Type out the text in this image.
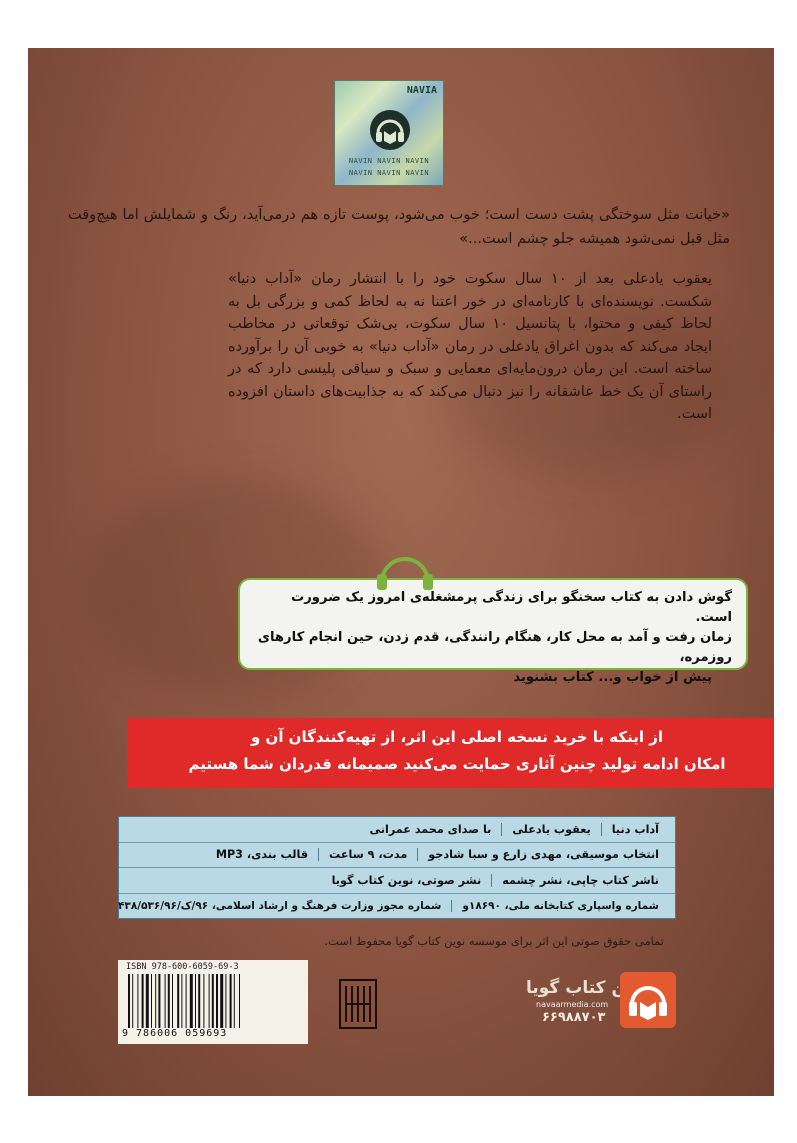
NAVIA
NAVIN NAVIN NAVIN
NAVIN NAVIN NAVIN

«خیانت مثل سوختگی پشت دست است؛ خوب می‌شود، پوست تازه هم درمی‌آید، رنگ و شمایلش اما هیچ‌وقت مثل قبل نمی‌شود همیشه جلو چشم است...»

یعقوب یادعلی بعد از ۱۰ سال سکوت خود را با انتشار رمان «آداب دنیا» شکست. نویسنده‌ای با کارنامه‌ای در خور اعتنا نه به لحاظ کمی و بزرگی بل به لحاظ کیفی و محتوا، با پتانسیل ۱۰ سال سکوت، بی‌شک توقعاتی در مخاطب ایجاد می‌کند که بدون اغراق یادعلی در رمان «آداب دنیا» به خوبی آن را برآورده ساخته است. این رمان درون‌مایه‌ای معمایی و سبک و سیاقی پلیسی دارد که در راستای آن یک خط عاشقانه را نیز دنبال می‌کند که به جذابیت‌های داستان افزوده است.

گوش دادن به کتاب سخنگو برای زندگی پرمشغله‌ی امروز یک ضرورت است.
زمان رفت و آمد به محل کار، هنگام رانندگی، قدم زدن، حین انجام کارهای روزمره،
پیش از خواب و... کتاب بشنوید
از اینکه با خرید نسخه اصلی این اثر، از تهیه‌کنندگان آن و
امکان ادامه تولید چنین آثاری حمایت می‌کنید صمیمانه قدردان شما هستیم
آداب دنیا
یعقوب یادعلی
با صدای محمد عمرانی
انتخاب موسیقی، مهدی زارع و سبا شادجو
مدت، ۹ ساعت
قالب بندی، MP3
ناشر کتاب چاپی، نشر چشمه
نشر صوتی، نوین کتاب گویا
شماره واسپاری کتابخانه ملی، ۱۸۶۹۰و
شماره مجوز وزارت فرهنگ و ارشاد اسلامی، ۹۶/ک/۴۳۸/۵۳۶/۹۶
تمامی حقوق صوتی این اثر برای موسسه نوین کتاب گویا محفوظ است.
ISBN 978-600-6059-69-3
9 786006 059693
نوین کتاب گویا
navaarmedia.com
۶۶۹۸۸۷۰۳
